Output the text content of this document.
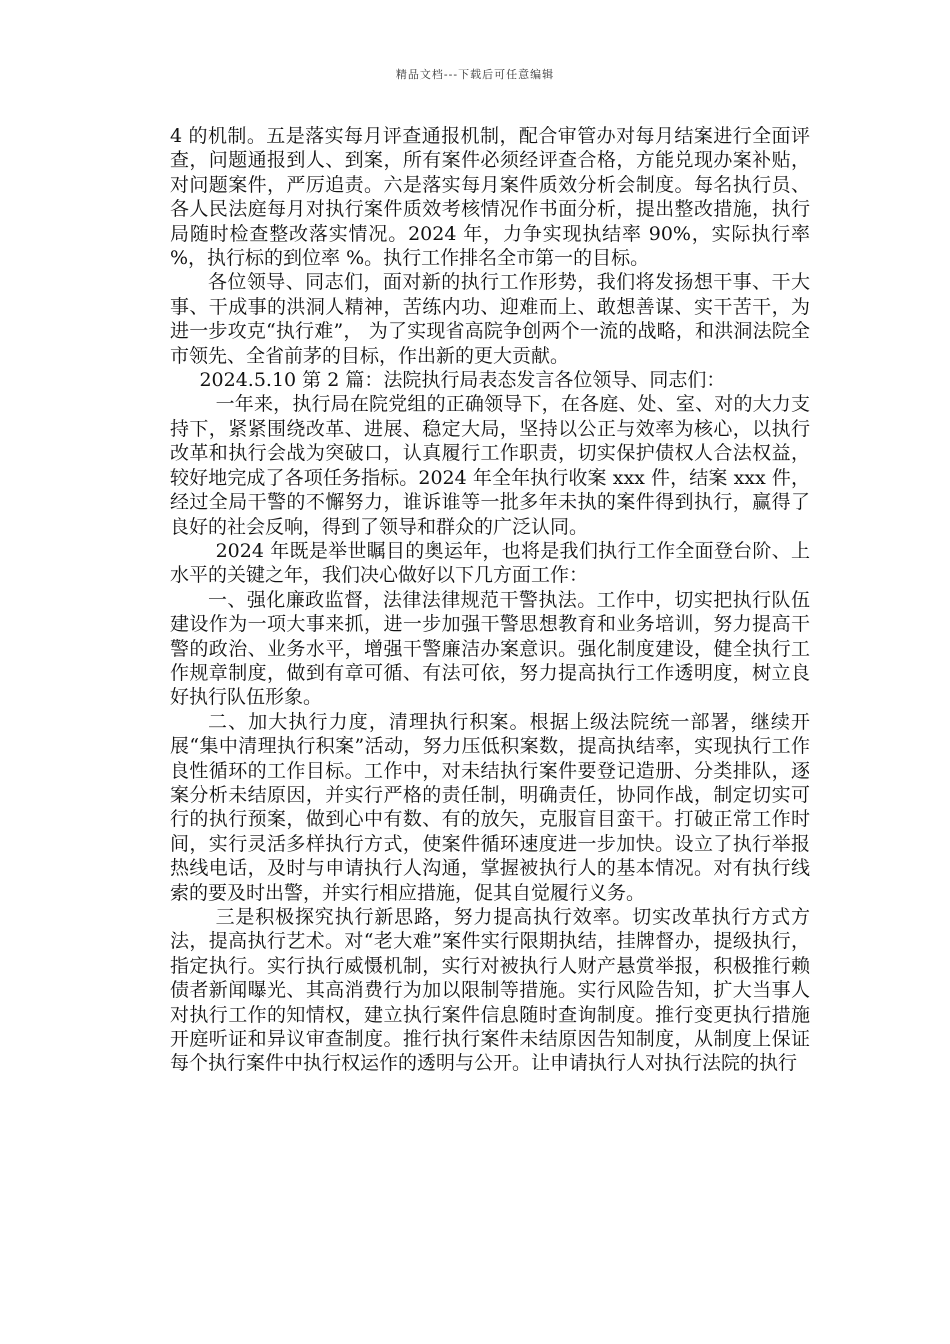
精品文档---下载后可任意编辑

4 的机制。五是落实每月评查通报机制，配合审管办对每月结案进行全面评查，问题通报到人、到案，所有案件必须经评查合格，方能兑现办案补贴，对问题案件，严厉追责。六是落实每月案件质效分析会制度。每名执行员、各人民法庭每月对执行案件质效考核情况作书面分析，提出整改措施，执行局随时检查整改落实情况。2024 年，力争实现执结率 90%，实际执行率 %，执行标的到位率 %。执行工作排名全市第一的目标。

各位领导、同志们，面对新的执行工作形势，我们将发扬想干事、干大事、干成事的洪洞人精神，苦练内功、迎难而上、敢想善谋、实干苦干，为进一步攻克“执行难”， 为了实现省高院争创两个一流的战略，和洪洞法院全市领先、全省前茅的目标，作出新的更大贡献。

2024.5.10 第 2 篇：法院执行局表态发言各位领导、同志们：

一年来，执行局在院党组的正确领导下，在各庭、处、室、对的大力支持下，紧紧围绕改革、进展、稳定大局，坚持以公正与效率为核心，以执行改革和执行会战为突破口，认真履行工作职责，切实保护债权人合法权益，较好地完成了各项任务指标。2024 年全年执行收案 xxx 件，结案 xxx 件，经过全局干警的不懈努力，谁诉谁等一批多年未执的案件得到执行，赢得了良好的社会反响，得到了领导和群众的广泛认同。

2024 年既是举世瞩目的奥运年，也将是我们执行工作全面登台阶、上水平的关键之年，我们决心做好以下几方面工作：

一、强化廉政监督，法律法律规范干警执法。工作中，切实把执行队伍建设作为一项大事来抓，进一步加强干警思想教育和业务培训，努力提高干警的政治、业务水平，增强干警廉洁办案意识。强化制度建设，健全执行工作规章制度，做到有章可循、有法可依，努力提高执行工作透明度，树立良好执行队伍形象。

二、加大执行力度，清理执行积案。根据上级法院统一部署，继续开展“集中清理执行积案”活动，努力压低积案数，提高执结率，实现执行工作良性循环的工作目标。工作中，对未结执行案件要登记造册、分类排队，逐案分析未结原因，并实行严格的责任制，明确责任，协同作战，制定切实可行的执行预案，做到心中有数、有的放矢，克服盲目蛮干。打破正常工作时间，实行灵活多样执行方式，使案件循环速度进一步加快。设立了执行举报热线电话，及时与申请执行人沟通，掌握被执行人的基本情况。对有执行线索的要及时出警，并实行相应措施，促其自觉履行义务。

三是积极探究执行新思路，努力提高执行效率。切实改革执行方式方法，提高执行艺术。对“老大难”案件实行限期执结，挂牌督办，提级执行，指定执行。实行执行威慑机制，实行对被执行人财产悬赏举报，积极推行赖债者新闻曝光、其高消费行为加以限制等措施。实行风险告知，扩大当事人对执行工作的知情权，建立执行案件信息随时查询制度。推行变更执行措施开庭听证和异议审查制度。推行执行案件未结原因告知制度，从制度上保证每个执行案件中执行权运作的透明与公开。让申请执行人对执行法院的执行
